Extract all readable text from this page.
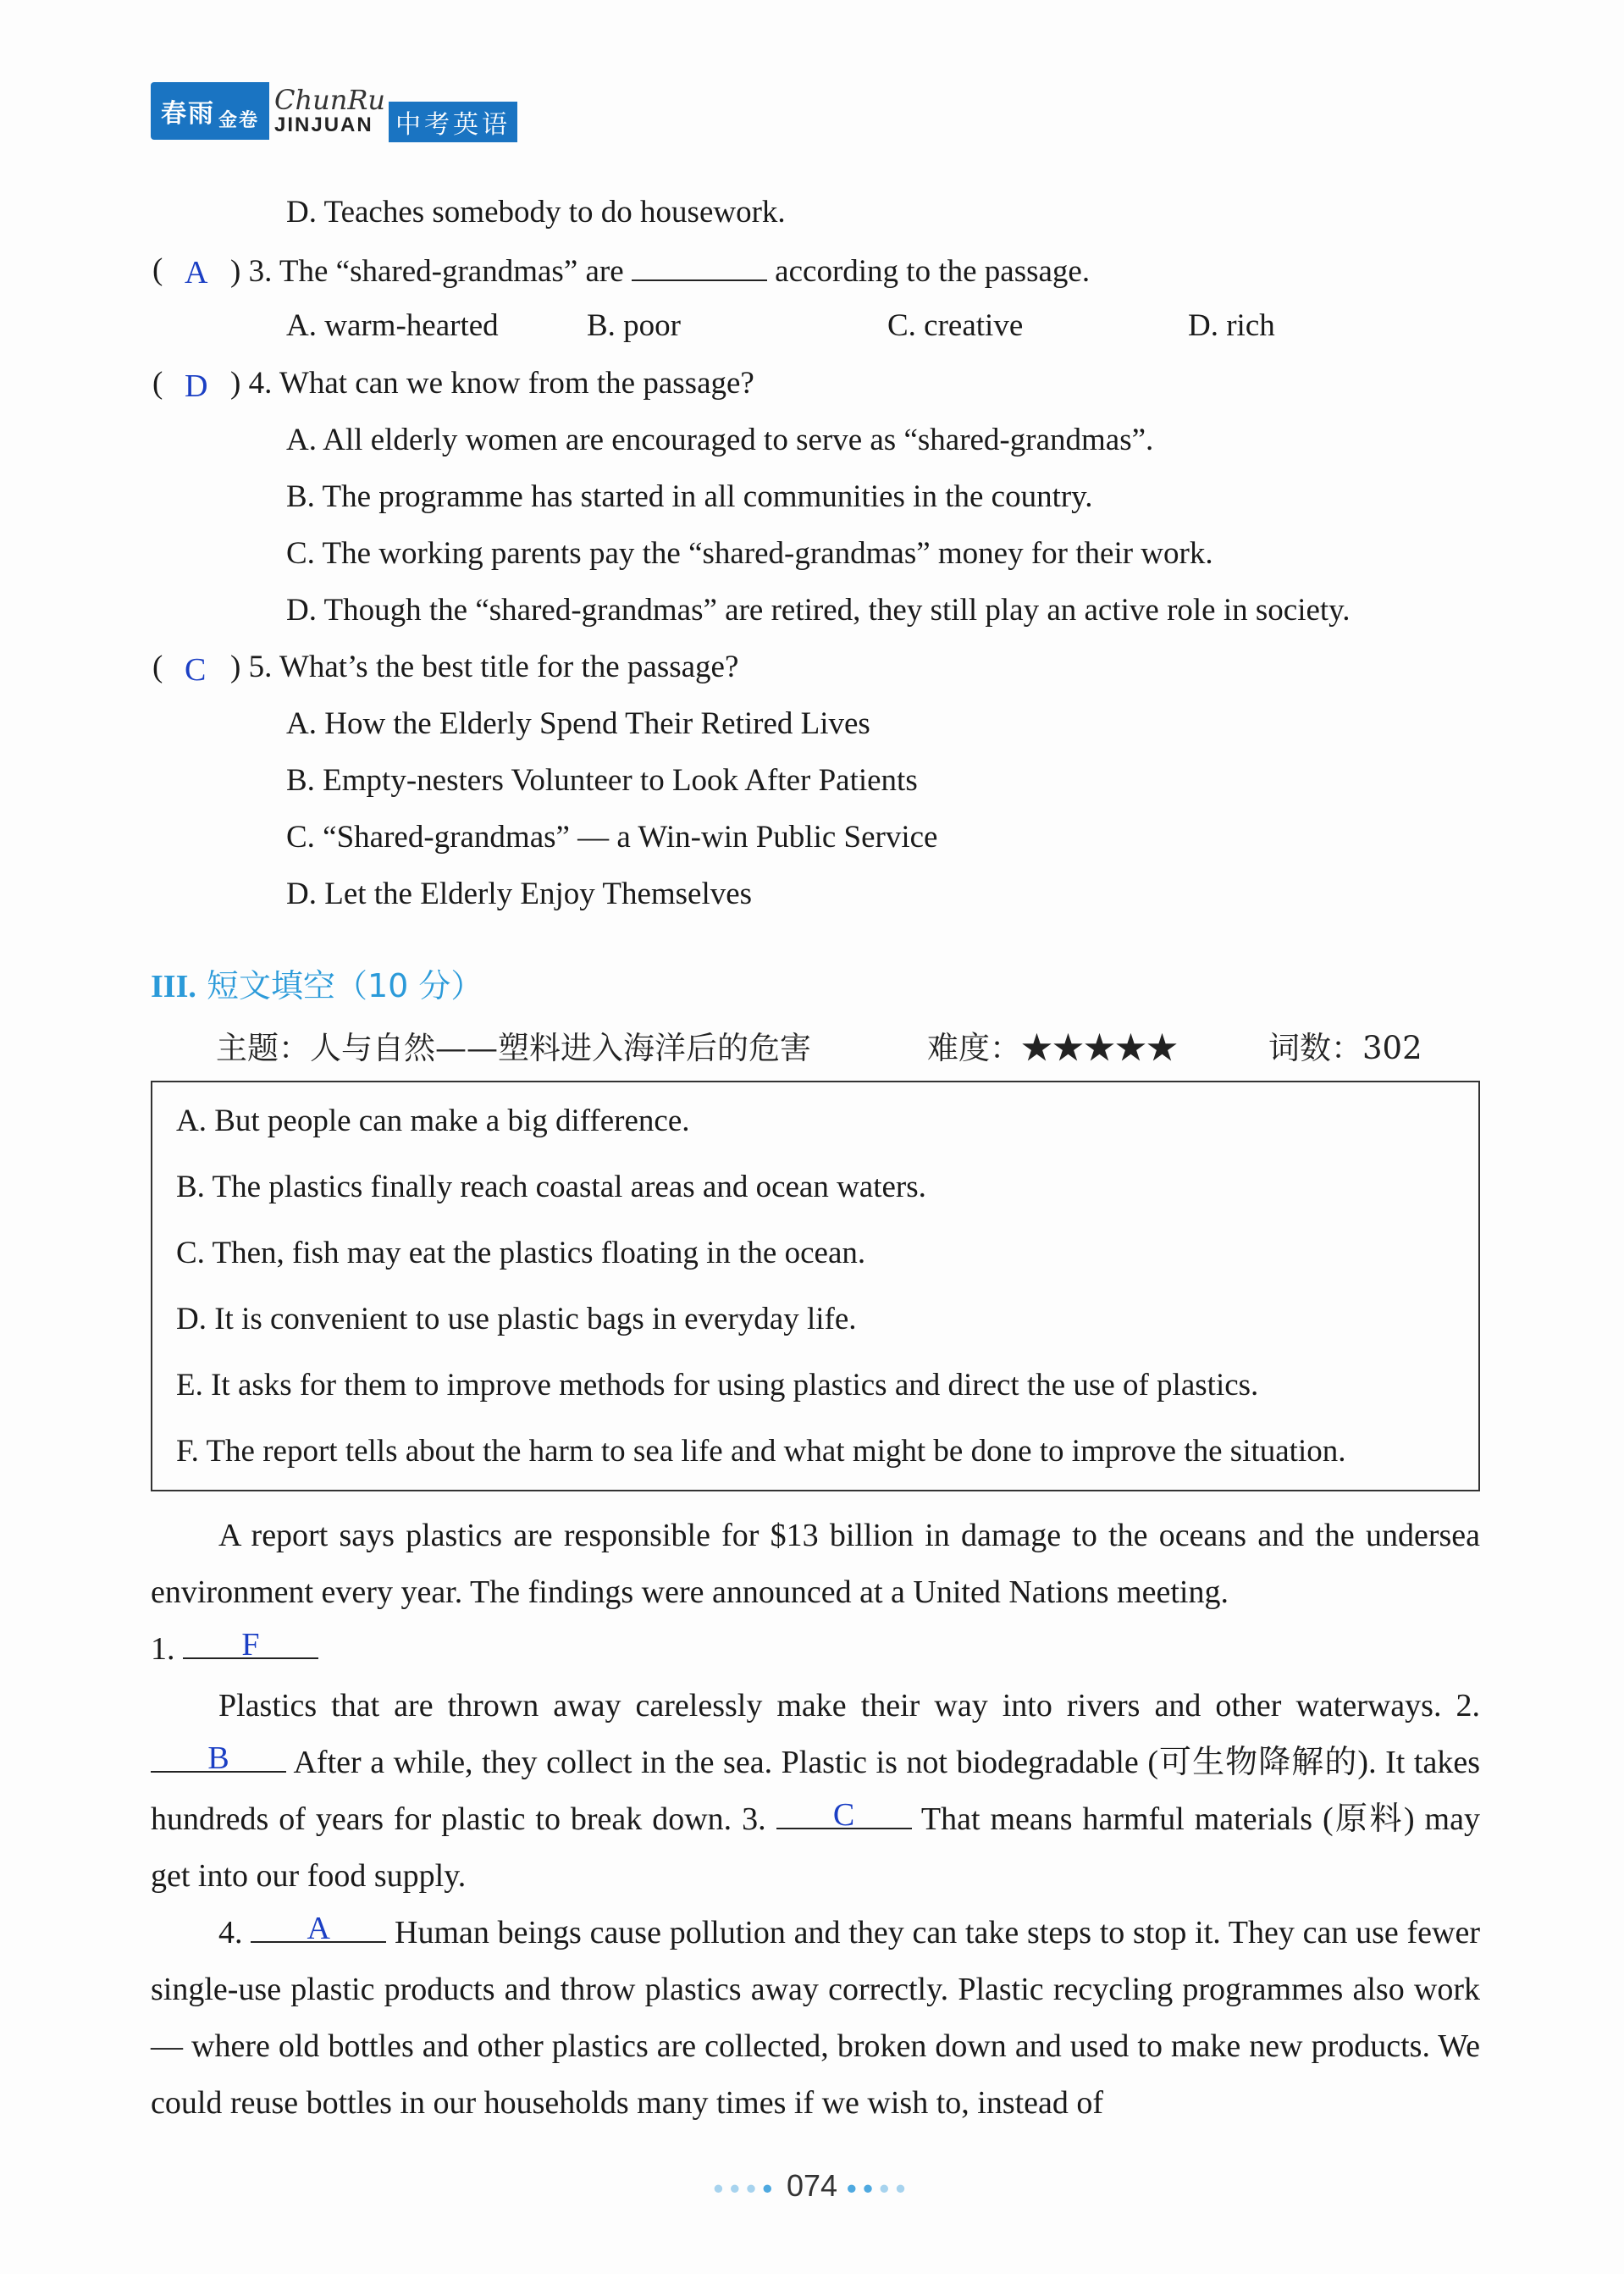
春雨 金卷
ChunRu
JINJUAN 中考英语
D. Teaches somebody to do housework.
( A ) 3. The “shared-grandmas” are	according to the passage.
A. warm-hearted	B. poor	C. creative	D. rich
( D ) 4. What can we know from the passage?
A. All elderly women are encouraged to serve as “shared-grandmas”.
B. The programme has started in all communities in the country.
C. The working parents pay the “shared-grandmas” money for their work.
D. Though the “shared-grandmas” are retired, they still play an active role in society.
( C ) 5. What’s the best title for the passage?
A. How the Elderly Spend Their Retired Lives
B. Empty-nesters Volunteer to Look After Patients
C. “Shared-grandmas” — a Win-win Public Service
D. Let the Elderly Enjoy Themselves
III. 短文填空（10 分）
主题：人与自然——塑料进入海洋后的危害	难度：★★★★★	词数：302
A. But people can make a big difference.
B. The plastics finally reach coastal areas and ocean waters.
C. Then, fish may eat the plastics floating in the ocean.
D. It is convenient to use plastic bags in everyday life.
E. It asks for them to improve methods for using plastics and direct the use of plastics.
F. The report tells about the harm to sea life and what might be done to improve the situation.
A report says plastics are responsible for $13 billion in damage to the oceans and the undersea environment every year. The findings were announced at a United Nations meeting.
1.	F
Plastics that are thrown away carelessly make their way into rivers and other waterways. 2.
B	After a while, they collect in the sea. Plastic is not biodegradable (可生物降解的). It takes hundreds of years for plastic to break down. 3.	C	That means harmful materials (原料) may get into our food supply.
4.	A	Human beings cause pollution and they can take steps to stop it. They can use fewer single-use plastic products and throw plastics away correctly. Plastic recycling programmes also work — where old bottles and other plastics are collected, broken down and used to make new products. We could reuse bottles in our households many times if we wish to, instead of
●●●● 074 ●●●●
